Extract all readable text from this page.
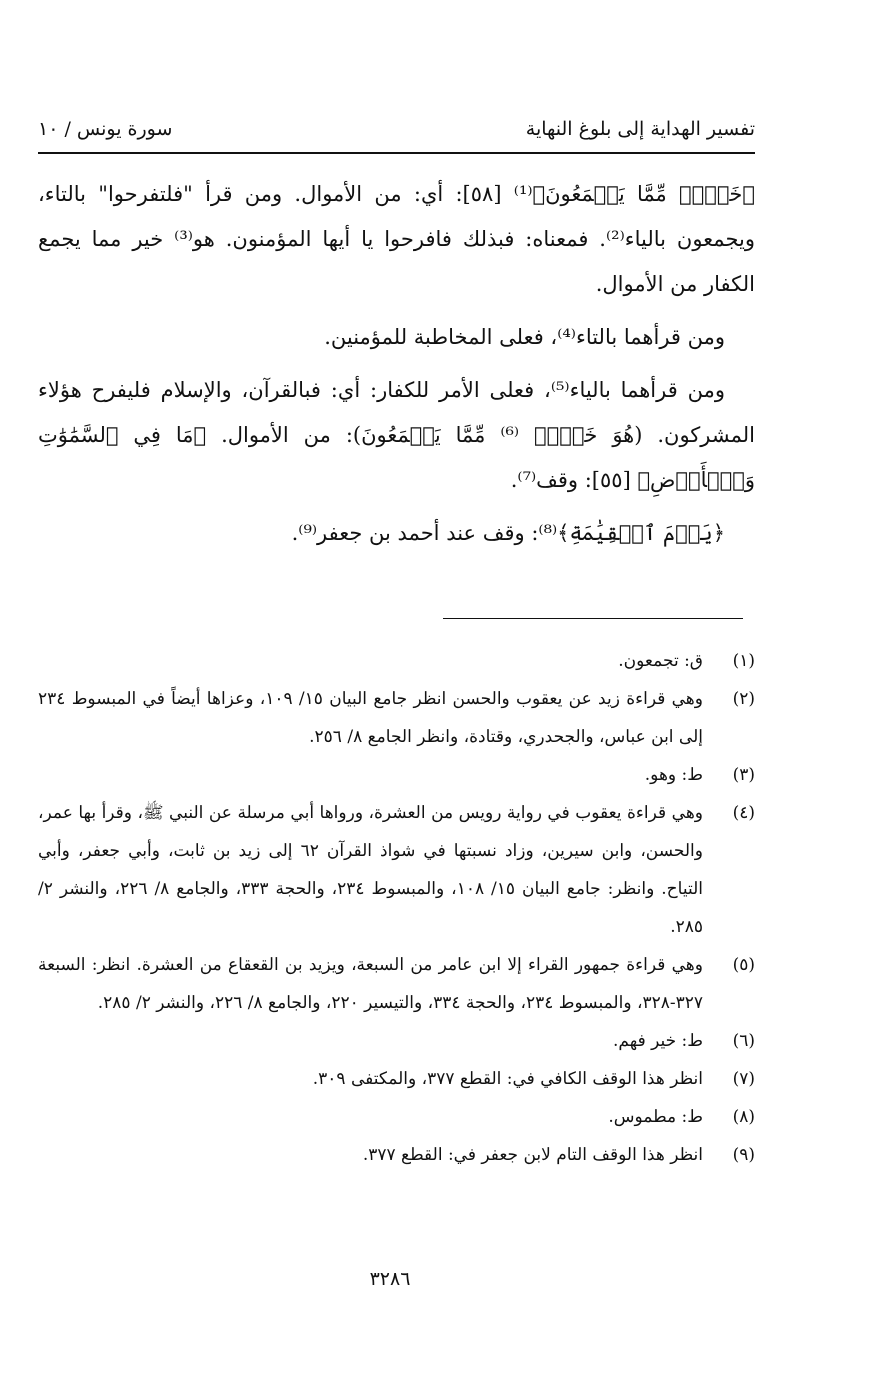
تفسير الهداية إلى بلوغ النهاية
سورة يونس / ١٠

﴿خَيۡرٞ مِّمَّا يَجۡمَعُونَ﴾⁽¹⁾ [٥٨]: أي: من الأموال. ومن قرأ "فلتفرحوا" بالتاء، ويجمعون بالياء⁽²⁾. فمعناه: فبذلك فافرحوا يا أيها المؤمنون. هو⁽³⁾ خير مما يجمع الكفار من الأموال.

ومن قرأهما بالتاء⁽⁴⁾، فعلى المخاطبة للمؤمنين.

ومن قرأهما بالياء⁽⁵⁾، فعلى الأمر للكفار: أي: فبالقرآن، والإسلام فليفرح هؤلاء المشركون. (هُوَ خَيۡرٞ ⁽⁶⁾ مِّمَّا يَجۡمَعُونَ): من الأموال. ﴿مَا فِي ٱلسَّمَٰوَٰتِ وَٱلۡأَرۡضِ﴾ [٥٥]: وقف⁽⁷⁾.

﴿يَوۡمَ ٱلۡقِيَٰمَةِ﴾⁽⁸⁾: وقف عند أحمد بن جعفر⁽⁹⁾.

(١)
ق: تجمعون.
(٢)
وهي قراءة زيد عن يعقوب والحسن انظر جامع البيان ١٥/ ١٠٩، وعزاها أيضاً في المبسوط ٢٣٤ إلى ابن عباس، والجحدري، وقتادة، وانظر الجامع ٨/ ٢٥٦.
(٣)
ط: وهو.
(٤)
وهي قراءة يعقوب في رواية رويس من العشرة، ورواها أبي مرسلة عن النبي ﷺ، وقرأ بها عمر، والحسن، وابن سيرين، وزاد نسبتها في شواذ القرآن ٦٢ إلى زيد بن ثابت، وأبي جعفر، وأبي التياح. وانظر: جامع البيان ١٥/ ١٠٨، والمبسوط ٢٣٤، والحجة ٣٣٣، والجامع ٨/ ٢٢٦، والنشر ٢/ ٢٨٥.
(٥)
وهي قراءة جمهور القراء إلا ابن عامر من السبعة، ويزيد بن القعقاع من العشرة. انظر: السبعة ٣٢٧-٣٢٨، والمبسوط ٢٣٤، والحجة ٣٣٤، والتيسير ٢٢٠، والجامع ٨/ ٢٢٦، والنشر ٢/ ٢٨٥.
(٦)
ط: خير فهم.
(٧)
انظر هذا الوقف الكافي في: القطع ٣٧٧، والمكتفى ٣٠٩.
(٨)
ط: مطموس.
(٩)
انظر هذا الوقف التام لابن جعفر في: القطع ٣٧٧.
٣٢٨٦
